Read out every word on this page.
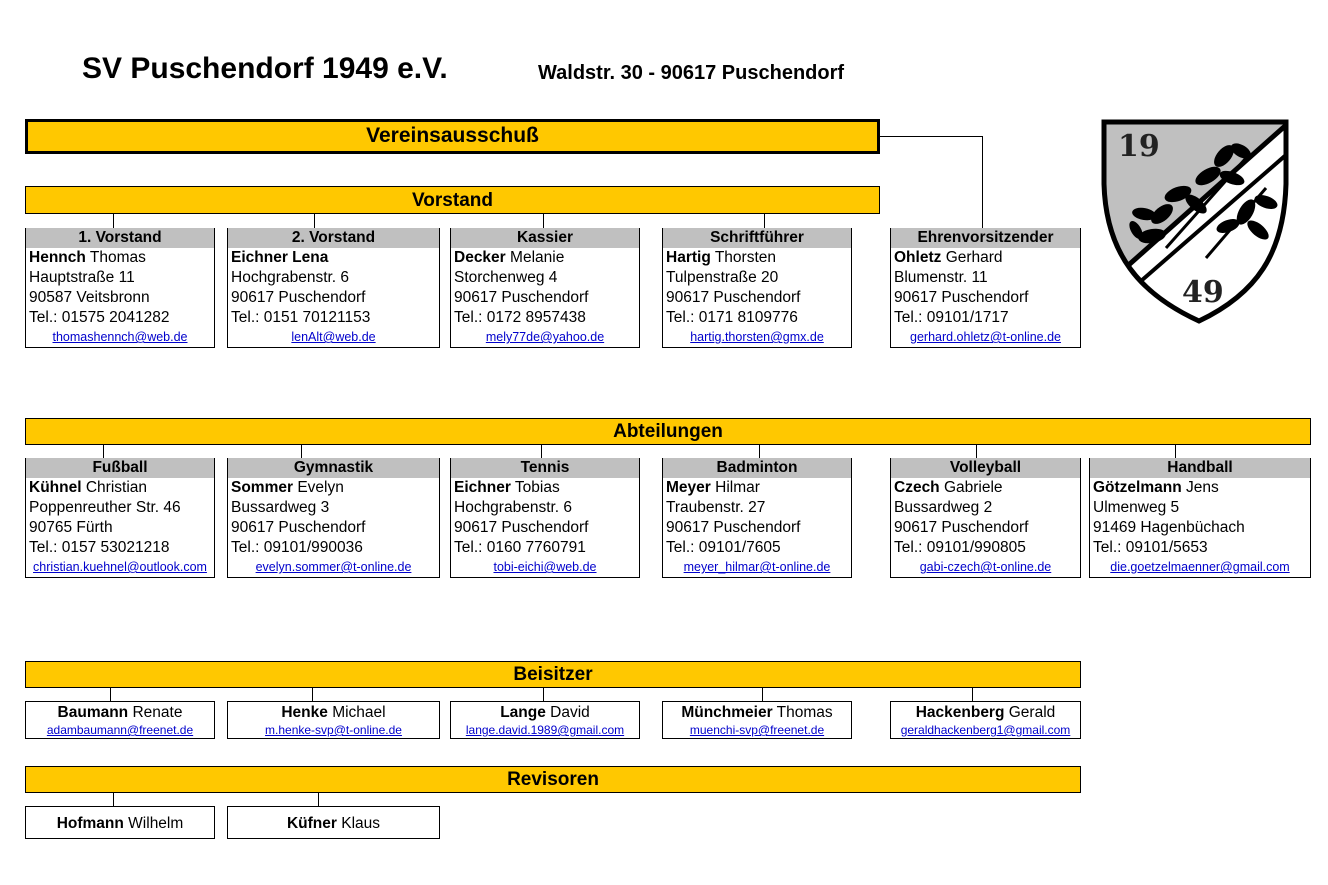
SV Puschendorf 1949 e.V.	Waldstr. 30 - 90617 Puschendorf
Vereinsausschuß	19
49
Vorstand
1. Vorstand
Hennch Thomas
Hauptstraße 11
90587 Veitsbronn
Tel.: 01575 2041282
thomashennch@web.de
2. Vorstand
Eichner Lena
Hochgrabenstr. 6
90617 Puschendorf
Tel.: 0151 70121153
lenAlt@web.de
Kassier
Decker Melanie
Storchenweg 4
90617 Puschendorf
Tel.: 0172 8957438
mely77de@yahoo.de
Schriftführer
Hartig Thorsten
Tulpenstraße 20
90617 Puschendorf
Tel.: 0171 8109776
hartig.thorsten@gmx.de
Ehrenvorsitzender
Ohletz Gerhard
Blumenstr. 11
90617 Puschendorf
Tel.: 09101/1717
gerhard.ohletz@t-online.de
Abteilungen
Fußball
Kühnel Christian
Poppenreuther Str. 46
90765 Fürth
Tel.: 0157 53021218
christian.kuehnel@outlook.com
Gymnastik
Sommer Evelyn
Bussardweg 3
90617 Puschendorf
Tel.: 09101/990036
evelyn.sommer@t-online.de
Tennis
Eichner Tobias
Hochgrabenstr. 6
90617 Puschendorf
Tel.: 0160 7760791
tobi-eichi@web.de
Badminton
Meyer Hilmar
Traubenstr. 27
90617 Puschendorf
Tel.: 09101/7605
meyer_hilmar@t-online.de
Volleyball
Czech Gabriele
Bussardweg 2
90617 Puschendorf
Tel.: 09101/990805
gabi-czech@t-online.de
Handball
Götzelmann Jens
Ulmenweg 5
91469 Hagenbüchach
Tel.: 09101/5653
die.goetzelmaenner@gmail.com
Beisitzer
Baumann Renate
adambaumann@freenet.de
Henke Michael
m.henke-svp@t-online.de
Lange David
lange.david.1989@gmail.com
Münchmeier Thomas
muenchi-svp@freenet.de
Hackenberg Gerald
geraldhackenberg1@gmail.com
Revisoren
Hofmann Wilhelm	Küfner Klaus
